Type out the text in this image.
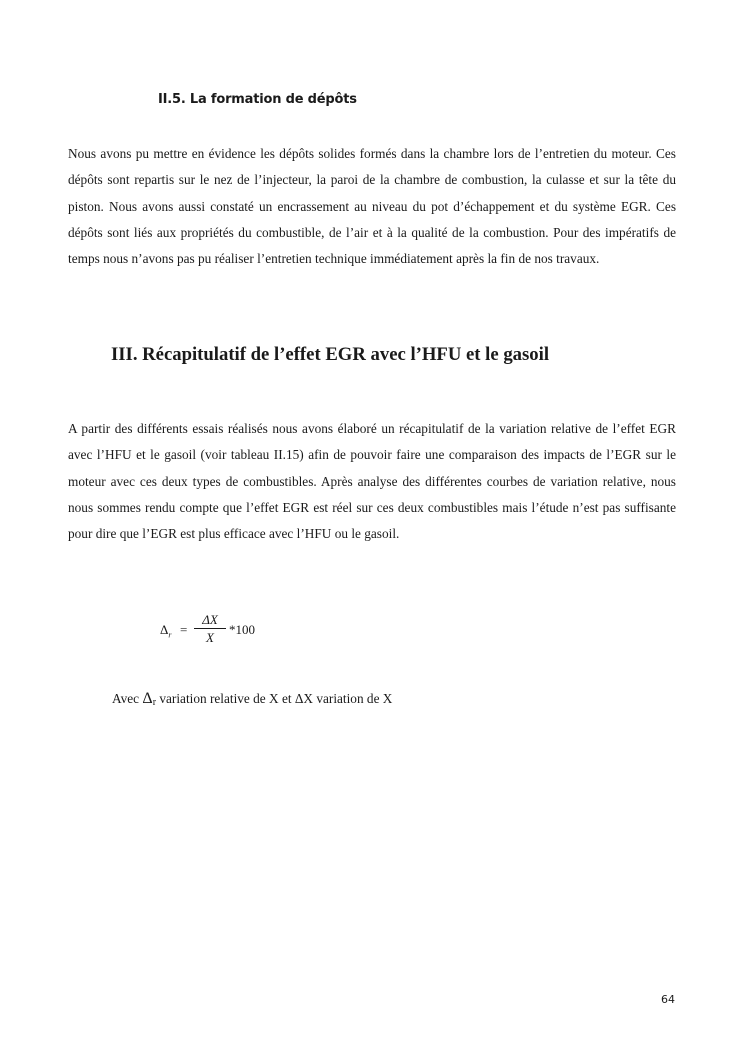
II.5. La formation de dépôts

Nous avons pu mettre en évidence les dépôts solides formés dans la chambre lors de l’entretien du moteur. Ces dépôts sont repartis sur le nez de l’injecteur, la paroi de la chambre de combustion, la culasse et sur la tête du piston. Nous avons aussi constaté un encrassement au niveau du pot d’échappement et du système EGR. Ces dépôts sont liés aux propriétés du combustible, de l’air et à la qualité de la combustion. Pour des impératifs de temps nous n’avons pas pu réaliser l’entretien technique immédiatement après la fin de nos travaux.

III. Récapitulatif de l’effet EGR avec l’HFU et le gasoil

A partir des différents essais réalisés nous avons élaboré un récapitulatif de la variation relative de l’effet EGR avec l’HFU et le gasoil (voir tableau II.15) afin de pouvoir faire une comparaison des impacts de l’EGR sur le moteur avec ces deux types de combustibles. Après analyse des différentes courbes de variation relative, nous nous sommes rendu compte que l’effet EGR est réel sur ces deux combustibles mais l’étude n’est pas suffisante pour dire que l’EGR est plus efficace avec l’HFU ou le gasoil.

$\Delta_r = \frac{\Delta X}{X} *100$

Avec $\Delta_r$ variation relative de X et ΔX variation de X

64
